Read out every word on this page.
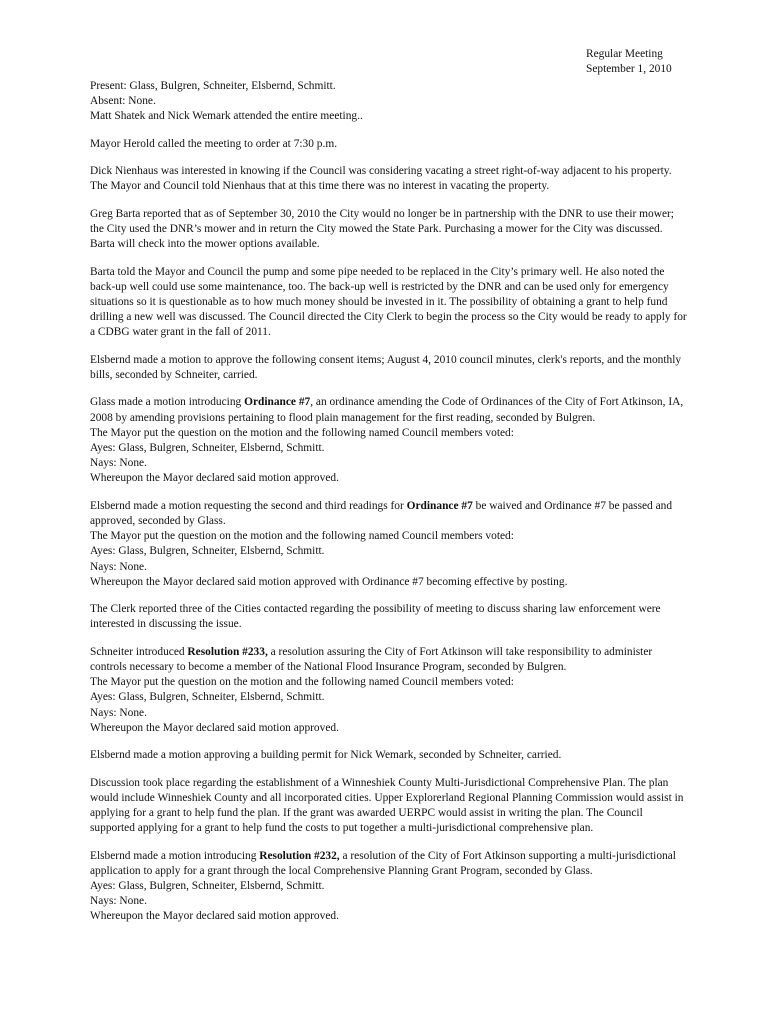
Regular Meeting
September 1, 2010
Present: Glass, Bulgren, Schneiter, Elsbernd, Schmitt.
Absent: None.
Matt Shatek and Nick Wemark attended the entire meeting..
Mayor Herold called the meeting to order at 7:30 p.m.
Dick Nienhaus was interested in knowing if the Council was considering vacating a street right-of-way adjacent to his property. The Mayor and Council told Nienhaus that at this time there was no interest in vacating the property.
Greg Barta reported that as of September 30, 2010 the City would no longer be in partnership with the DNR to use their mower; the City used the DNR’s mower and in return the City mowed the State Park. Purchasing a mower for the City was discussed. Barta will check into the mower options available.
Barta told the Mayor and Council the pump and some pipe needed to be replaced in the City’s primary well. He also noted the back-up well could use some maintenance, too. The back-up well is restricted by the DNR and can be used only for emergency situations so it is questionable as to how much money should be invested in it. The possibility of obtaining a grant to help fund drilling a new well was discussed. The Council directed the City Clerk to begin the process so the City would be ready to apply for a CDBG water grant in the fall of 2011.
Elsbernd made a motion to approve the following consent items; August 4, 2010 council minutes, clerk's reports, and the monthly bills, seconded by Schneiter, carried.
Glass made a motion introducing Ordinance #7, an ordinance amending the Code of Ordinances of the City of Fort Atkinson, IA, 2008 by amending provisions pertaining to flood plain management for the first reading, seconded by Bulgren.
The Mayor put the question on the motion and the following named Council members voted:
Ayes: Glass, Bulgren, Schneiter, Elsbernd, Schmitt.
Nays: None.
Whereupon the Mayor declared said motion approved.
Elsbernd made a motion requesting the second and third readings for Ordinance #7 be waived and Ordinance #7 be passed and approved, seconded by Glass.
The Mayor put the question on the motion and the following named Council members voted:
Ayes: Glass, Bulgren, Schneiter, Elsbernd, Schmitt.
Nays: None.
Whereupon the Mayor declared said motion approved with Ordinance #7 becoming effective by posting.
The Clerk reported three of the Cities contacted regarding the possibility of meeting to discuss sharing law enforcement were interested in discussing the issue.
Schneiter introduced Resolution #233, a resolution assuring the City of Fort Atkinson will take responsibility to administer controls necessary to become a member of the National Flood Insurance Program, seconded by Bulgren.
The Mayor put the question on the motion and the following named Council members voted:
Ayes: Glass, Bulgren, Schneiter, Elsbernd, Schmitt.
Nays: None.
Whereupon the Mayor declared said motion approved.
Elsbernd made a motion approving a building permit for Nick Wemark, seconded by Schneiter, carried.
Discussion took place regarding the establishment of a Winneshiek County Multi-Jurisdictional Comprehensive Plan. The plan would include Winneshiek County and all incorporated cities. Upper Explorerland Regional Planning Commission would assist in applying for a grant to help fund the plan. If the grant was awarded UERPC would assist in writing the plan. The Council supported applying for a grant to help fund the costs to put together a multi-jurisdictional comprehensive plan.
Elsbernd made a motion introducing Resolution #232, a resolution of the City of Fort Atkinson supporting a multi-jurisdictional application to apply for a grant through the local Comprehensive Planning Grant Program, seconded by Glass.
Ayes: Glass, Bulgren, Schneiter, Elsbernd, Schmitt.
Nays: None.
Whereupon the Mayor declared said motion approved.
